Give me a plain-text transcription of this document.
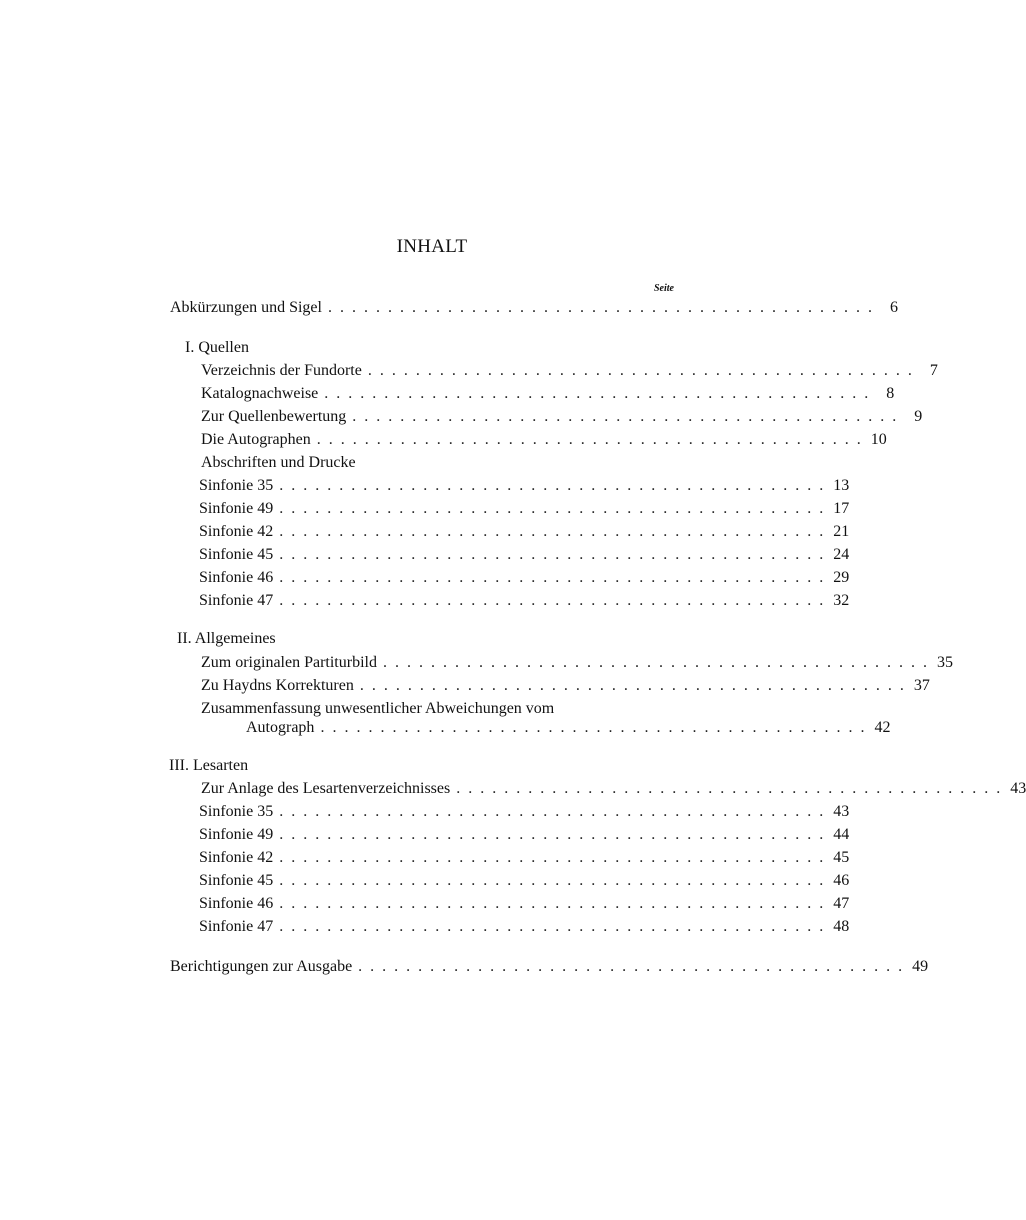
INHALT
Seite
Abkürzungen und Sigel . . . . . . . . . . . . . . . . . . . . . . . . . . . . . . . . . . . . . . . . . . . . . .	6
I. Quellen
Verzeichnis der Fundorte . . . . . . . . . . . . . . . . . . . . . . . . . . . . . . . . . . . . . . . . . . . . . .	7
Katalognachweise . . . . . . . . . . . . . . . . . . . . . . . . . . . . . . . . . . . . . . . . . . . . . .	8
Zur Quellenbewertung . . . . . . . . . . . . . . . . . . . . . . . . . . . . . . . . . . . . . . . . . . . . . .	9
Die Autographen . . . . . . . . . . . . . . . . . . . . . . . . . . . . . . . . . . . . . . . . . . . . . . 10
Abschriften und Drucke
Sinfonie 35 . . . . . . . . . . . . . . . . . . . . . . . . . . . . . . . . . . . . . . . . . . . . . . 13
Sinfonie 49 . . . . . . . . . . . . . . . . . . . . . . . . . . . . . . . . . . . . . . . . . . . . . . 17
Sinfonie 42 . . . . . . . . . . . . . . . . . . . . . . . . . . . . . . . . . . . . . . . . . . . . . . 21
Sinfonie 45 . . . . . . . . . . . . . . . . . . . . . . . . . . . . . . . . . . . . . . . . . . . . . . 24
Sinfonie 46 . . . . . . . . . . . . . . . . . . . . . . . . . . . . . . . . . . . . . . . . . . . . . . 29
Sinfonie 47 . . . . . . . . . . . . . . . . . . . . . . . . . . . . . . . . . . . . . . . . . . . . . . 32
II. Allgemeines
Zum originalen Partiturbild . . . . . . . . . . . . . . . . . . . . . . . . . . . . . . . . . . . . . . . . . . . . . . 35
Zu Haydns Korrekturen . . . . . . . . . . . . . . . . . . . . . . . . . . . . . . . . . . . . . . . . . . . . . . 37
Zusammenfassung unwesentlicher Abweichungen vom
Autograph . . . . . . . . . . . . . . . . . . . . . . . . . . . . . . . . . . . . . . . . . . . . . . 42
III. Lesarten
Zur Anlage des Lesartenverzeichnisses . . . . . . . . . . . . . . . . . . . . . . . . . . . . . . . . . . . . . . . . . . . . . . 43
Sinfonie 35 . . . . . . . . . . . . . . . . . . . . . . . . . . . . . . . . . . . . . . . . . . . . . . 43
Sinfonie 49 . . . . . . . . . . . . . . . . . . . . . . . . . . . . . . . . . . . . . . . . . . . . . . 44
Sinfonie 42 . . . . . . . . . . . . . . . . . . . . . . . . . . . . . . . . . . . . . . . . . . . . . . 45
Sinfonie 45 . . . . . . . . . . . . . . . . . . . . . . . . . . . . . . . . . . . . . . . . . . . . . . 46
Sinfonie 46 . . . . . . . . . . . . . . . . . . . . . . . . . . . . . . . . . . . . . . . . . . . . . . 47
Sinfonie 47 . . . . . . . . . . . . . . . . . . . . . . . . . . . . . . . . . . . . . . . . . . . . . . 48
Berichtigungen zur Ausgabe . . . . . . . . . . . . . . . . . . . . . . . . . . . . . . . . . . . . . . . . . . . . . . 49
